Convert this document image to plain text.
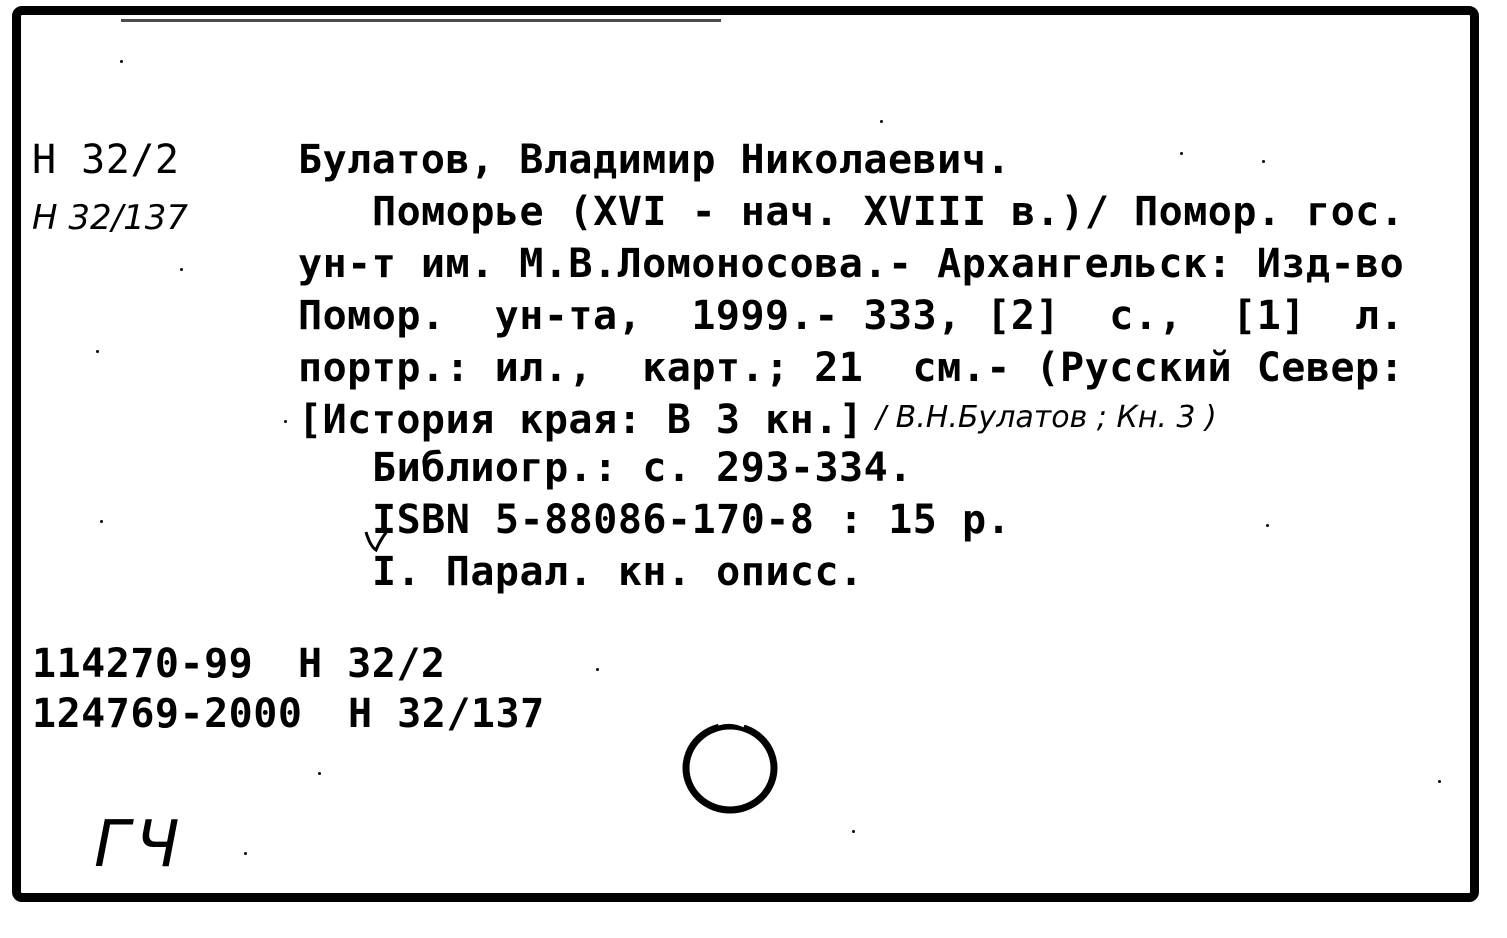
Н 32/2
Н 32/137
Булатов, Владимир Николаевич.
Поморье (XVI - нач. XVIII в.)/ Помор. гос.
ун-т им. М.В.Ломоносова.- Архангельск: Изд-во
Помор.  ун-та,  1999.- 333, [2]  с.,  [1]  л.
портр.: ил.,  карт.; 21  см.- (Русский Север:
[История края: В 3 кн.] / В.Н.Булатов ; Кн. 3 )
Библиогр.: с. 293-334.
ISBN 5-88086-170-8 : 15 р.
I. Парал. кн. описс.
114270-99 Н 32/2
124769-2000 Н 32/137
ГЧ
